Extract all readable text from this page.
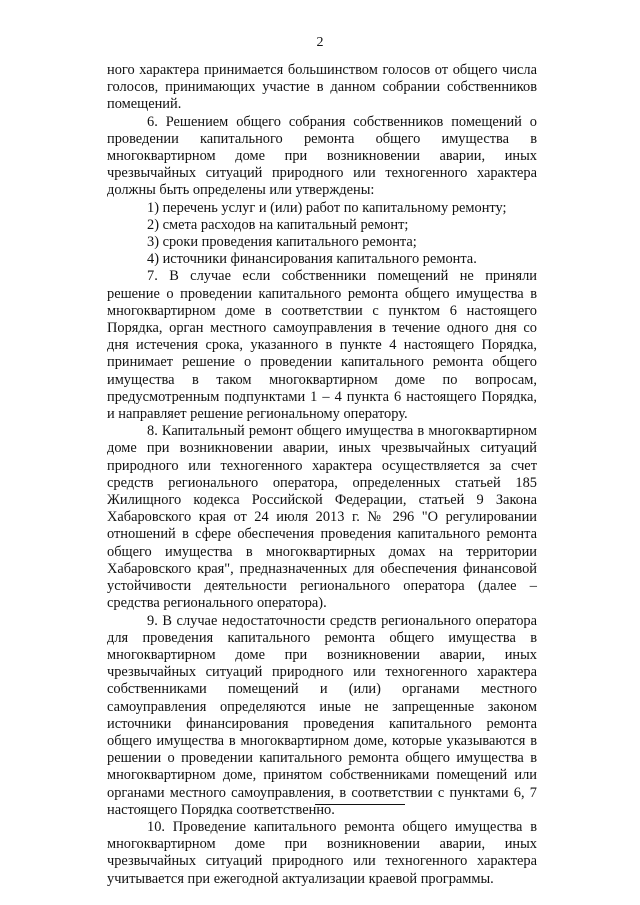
2

ного характера принимается большинством голосов от общего числа голосов, принимающих участие в данном собрании собственников помещений.

6. Решением общего собрания собственников помещений о проведении капитального ремонта общего имущества в многоквартирном доме при возникновении аварии, иных чрезвычайных ситуаций природного или техногенного характера должны быть определены или утверждены:

1) перечень услуг и (или) работ по капитальному ремонту;

2) смета расходов на капитальный ремонт;

3) сроки проведения капитального ремонта;

4) источники финансирования капитального ремонта.

7. В случае если собственники помещений не приняли решение о проведении капитального ремонта общего имущества в многоквартирном доме в соответствии с пунктом 6 настоящего Порядка, орган местного самоуправления в течение одного дня со дня истечения срока, указанного в пункте 4 настоящего Порядка, принимает решение о проведении капитального ремонта общего имущества в таком многоквартирном доме по вопросам, предусмотренным подпунктами 1 – 4 пункта 6 настоящего Порядка, и направляет решение региональному оператору.

8. Капитальный ремонт общего имущества в многоквартирном доме при возникновении аварии, иных чрезвычайных ситуаций природного или техногенного характера осуществляется за счет средств регионального оператора, определенных статьей 185 Жилищного кодекса Российской Федерации, статьей 9 Закона Хабаровского края от 24 июля 2013 г. № 296 "О регулировании отношений в сфере обеспечения проведения капитального ремонта общего имущества в многоквартирных домах на территории Хабаровского края", предназначенных для обеспечения финансовой устойчивости деятельности регионального оператора (далее – средства регионального оператора).

9. В случае недостаточности средств регионального оператора для проведения капитального ремонта общего имущества в многоквартирном доме при возникновении аварии, иных чрезвычайных ситуаций природного или техногенного характера собственниками помещений и (или) органами местного самоуправления определяются иные не запрещенные законом источники финансирования проведения капитального ремонта общего имущества в многоквартирном доме, которые указываются в решении о проведении капитального ремонта общего имущества в многоквартирном доме, принятом собственниками помещений или органами местного самоуправления, в соответствии с пунктами 6, 7 настоящего Порядка соответственно.

10. Проведение капитального ремонта общего имущества в многоквартирном доме при возникновении аварии, иных чрезвычайных ситуаций природного или техногенного характера учитывается при ежегодной актуализации краевой программы.
